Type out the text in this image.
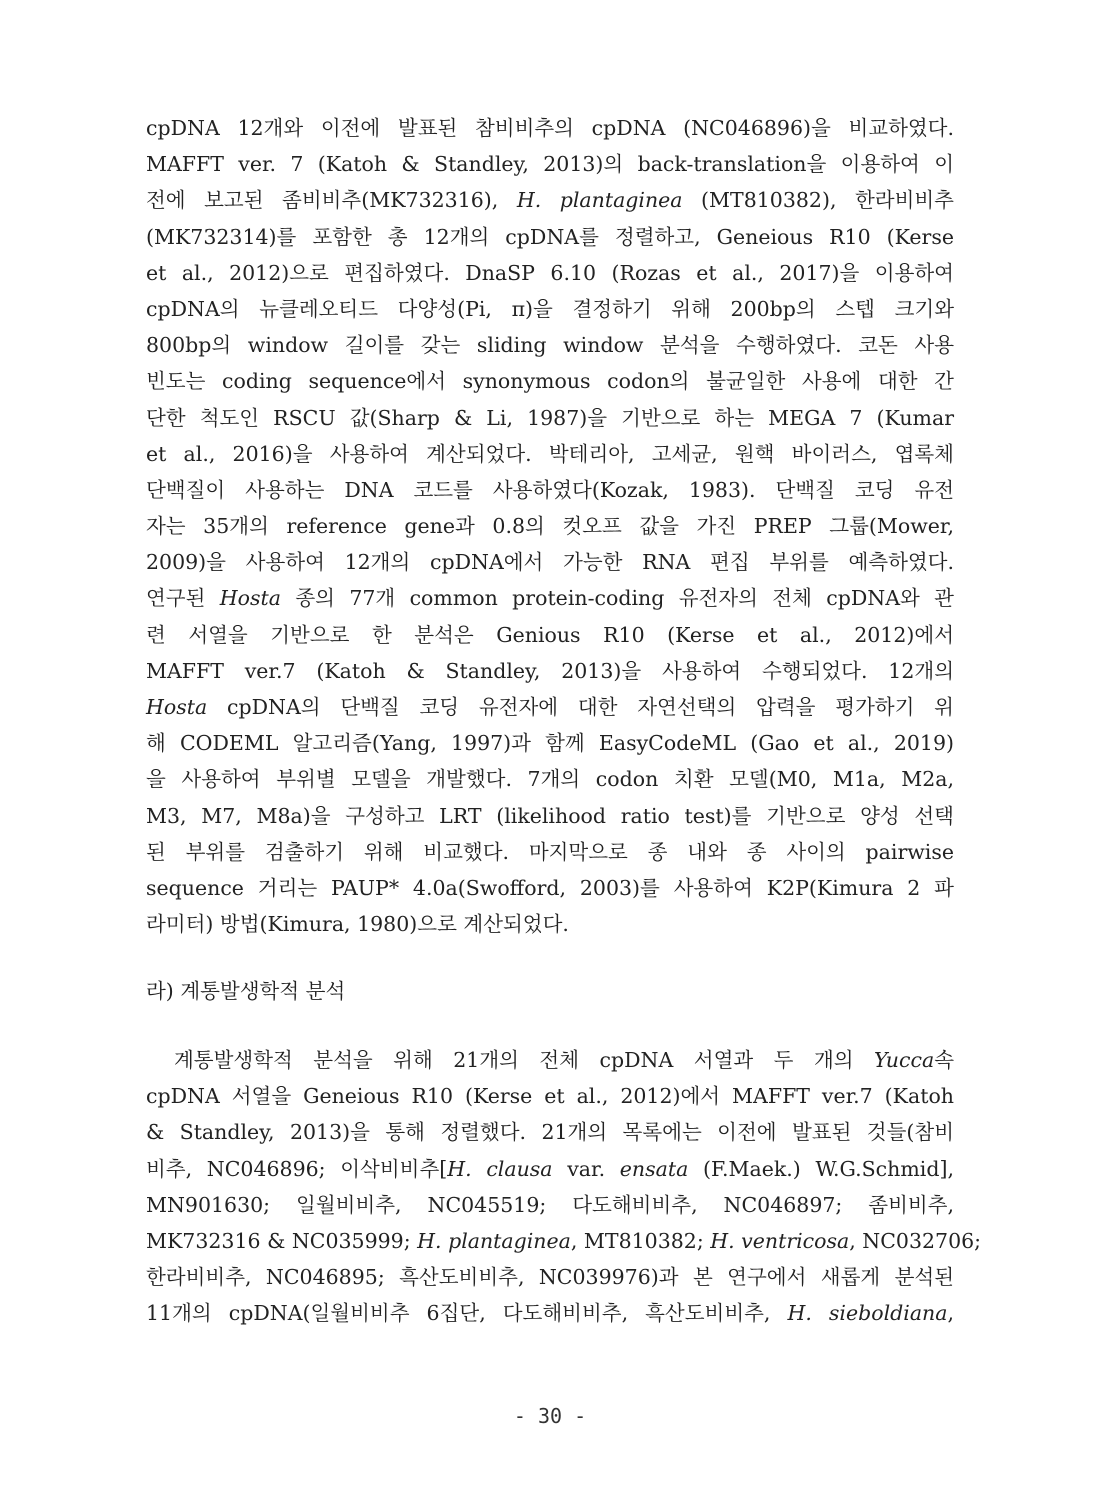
cpDNA 12개와 이전에 발표된 참비비추의 cpDNA (NC046896)을 비교하였다.
MAFFT ver. 7 (Katoh & Standley, 2013)의 back-translation을 이용하여 이
전에 보고된 좀비비추(MK732316), H. plantaginea (MT810382), 한라비비추
(MK732314)를 포함한 총 12개의 cpDNA를 정렬하고, Geneious R10 (Kerse
et al., 2012)으로 편집하였다. DnaSP 6.10 (Rozas et al., 2017)을 이용하여
cpDNA의 뉴클레오티드 다양성(Pi, π)을 결정하기 위해 200bp의 스텝 크기와
800bp의 window 길이를 갖는 sliding window 분석을 수행하였다. 코돈 사용
빈도는 coding sequence에서 synonymous codon의 불균일한 사용에 대한 간
단한 척도인 RSCU 값(Sharp & Li, 1987)을 기반으로 하는 MEGA 7 (Kumar
et al., 2016)을 사용하여 계산되었다. 박테리아, 고세균, 원핵 바이러스, 엽록체
단백질이 사용하는 DNA 코드를 사용하였다(Kozak, 1983). 단백질 코딩 유전
자는 35개의 reference gene과 0.8의 컷오프 값을 가진 PREP 그룹(Mower,
2009)을 사용하여 12개의 cpDNA에서 가능한 RNA 편집 부위를 예측하였다.
연구된 Hosta 종의 77개 common protein-coding 유전자의 전체 cpDNA와 관
련 서열을 기반으로 한 분석은 Genious R10 (Kerse et al., 2012)에서
MAFFT ver.7 (Katoh & Standley, 2013)을 사용하여 수행되었다. 12개의
Hosta cpDNA의 단백질 코딩 유전자에 대한 자연선택의 압력을 평가하기 위
해 CODEML 알고리즘(Yang, 1997)과 함께 EasyCodeML (Gao et al., 2019)
을 사용하여 부위별 모델을 개발했다. 7개의 codon 치환 모델(M0, M1a, M2a,
M3, M7, M8a)을 구성하고 LRT (likelihood ratio test)를 기반으로 양성 선택
된 부위를 검출하기 위해 비교했다. 마지막으로 종 내와 종 사이의 pairwise
sequence 거리는 PAUP* 4.0a(Swofford, 2003)를 사용하여 K2P(Kimura 2 파
라미터) 방법(Kimura, 1980)으로 계산되었다.
라) 계통발생학적 분석
계통발생학적 분석을 위해 21개의 전체 cpDNA 서열과 두 개의 Yucca속
cpDNA 서열을 Geneious R10 (Kerse et al., 2012)에서 MAFFT ver.7 (Katoh
& Standley, 2013)을 통해 정렬했다. 21개의 목록에는 이전에 발표된 것들(참비
비추, NC046896; 이삭비비추[H. clausa var. ensata (F.Maek.) W.G.Schmid],
MN901630; 일월비비추, NC045519; 다도해비비추, NC046897; 좀비비추,
MK732316 & NC035999; H. plantaginea, MT810382; H. ventricosa, NC032706;
한라비비추, NC046895; 흑산도비비추, NC039976)과 본 연구에서 새롭게 분석된
11개의 cpDNA(일월비비추 6집단, 다도해비비추, 흑산도비비추, H. sieboldiana,
- 30 -
